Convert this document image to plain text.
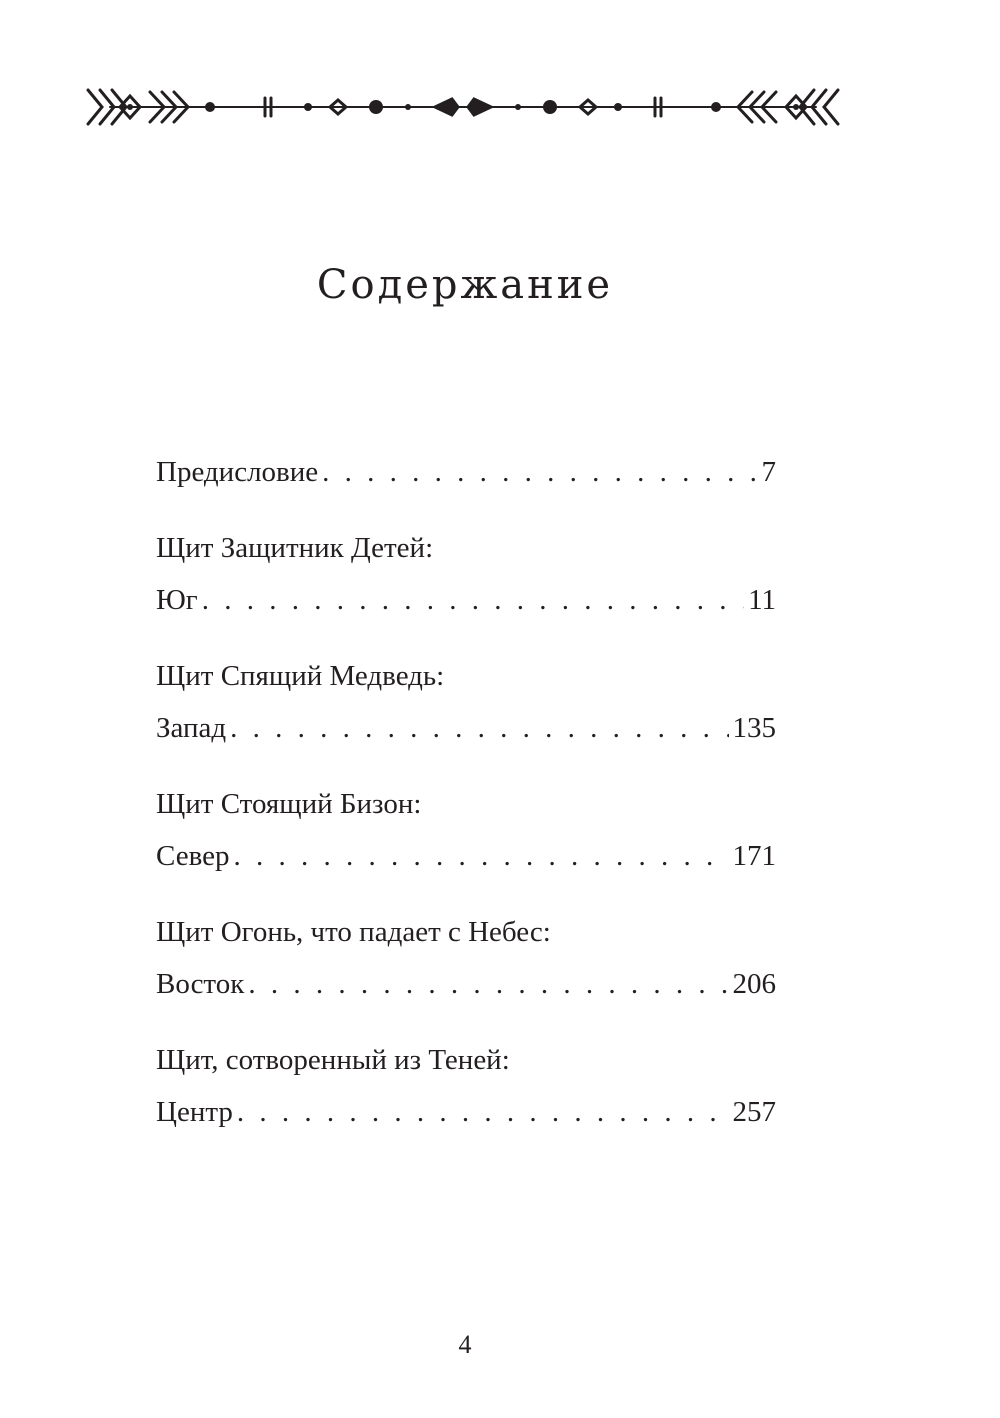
Содержание
Предисловие . . .	7
Щит Защитник Детей:
Юг . . .	11
Щит Спящий Медведь:
Запад . . .	135
Щит Стоящий Бизон:
Север . . .	171
Щит Огонь, что падает с Небес:
Восток . . .	206
Щит, сотворенный из Теней:
Центр . . .	257
4
